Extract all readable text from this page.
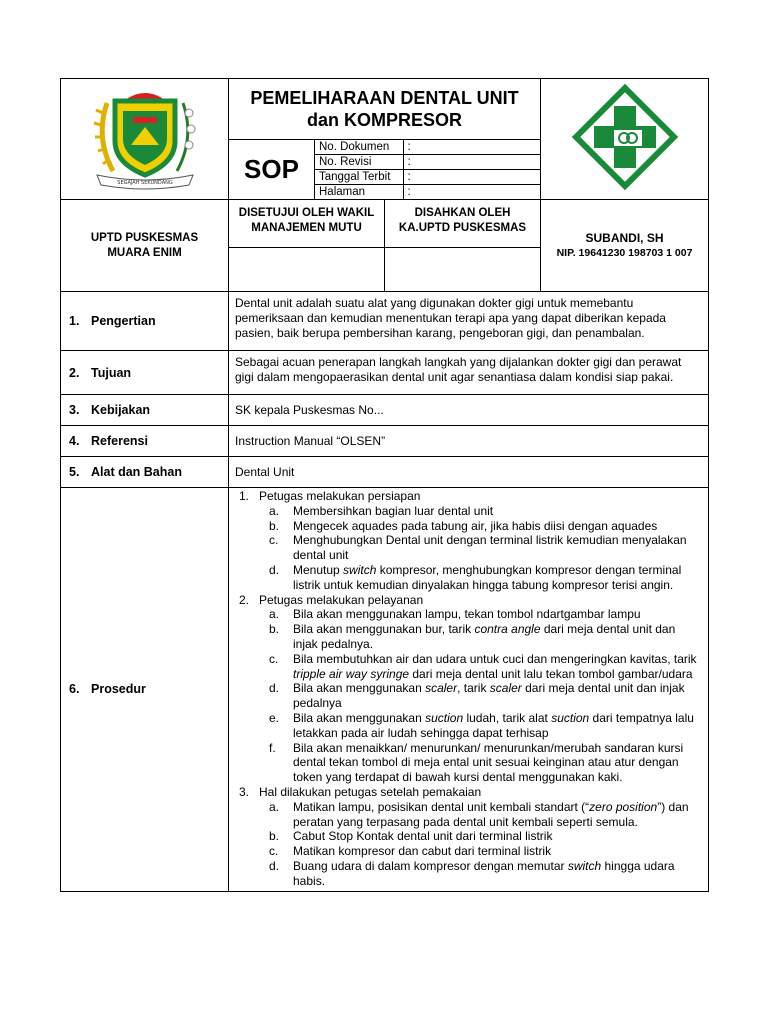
SEGAJAH SEKUNDANG

PEMELIHARAAN DENTAL UNIT
dan KOMPRESOR

SOP	
No. Dokumen	:
No. Revisi	:
Tanggal Terbit	:
Halaman	:

UPTD PUSKESMAS
MUARA ENIM

DISETUJUI OLEH WAKIL
MANAJEMEN MUTU

DISAHKAN OLEH
KA.UPTD PUSKESMAS

SUBANDI, SH
NIP. 19641230 198703 1 007

1. Pengertian	Dental unit adalah suatu alat yang digunakan dokter gigi untuk memebantu pemeriksaan dan kemudian menentukan terapi apa yang dapat diberikan kepada pasien, baik berupa pembersihan karang, pengeboran gigi, dan penambalan.
2. Tujuan	Sebagai acuan penerapan langkah langkah yang dijalankan dokter gigi dan perawat gigi dalam mengopaerasikan dental unit agar senantiasa dalam kondisi siap pakai.
3. Kebijakan	SK kepala Puskesmas No...
4. Referensi	Instruction Manual “OLSEN”
5. Alat dan Bahan	Dental Unit
6. Prosedur	
1. Petugas melakukan persiapan
a.	Membersihkan bagian luar dental unit
b.	Mengecek aquades pada tabung air, jika habis diisi dengan aquades
c.	Menghubungkan Dental unit dengan terminal listrik kemudian menyalakan dental unit
d.	Menutup switch kompresor, menghubungkan kompresor dengan terminal listrik untuk kemudian dinyalakan hingga tabung kompresor terisi angin.
2. Petugas melakukan pelayanan
a.	Bila akan menggunakan lampu, tekan tombol ndartgambar lampu
b.	Bila akan menggunakan bur, tarik contra angle dari meja dental unit dan injak pedalnya.
c.	Bila membutuhkan air dan udara untuk cuci dan mengeringkan kavitas, tarik tripple air way syringe dari meja dental unit lalu tekan tombol gambar/udara
d.	Bila akan menggunakan scaler, tarik scaler dari meja dental unit dan injak pedalnya
e.	Bila akan menggunakan suction ludah, tarik alat suction dari tempatnya lalu letakkan pada air ludah sehingga dapat terhisap
f.	Bila akan menaikkan/ menurunkan/ menurunkan/merubah sandaran kursi dental tekan tombol di meja ental unit sesuai keinginan atau atur dengan token yang terdapat di bawah kursi dental menggunakan kaki.
3. Hal dilakukan petugas setelah pemakaian
a.	Matikan lampu, posisikan dental unit kembali standart (“zero position”) dan peratan yang terpasang pada dental unit kembali seperti semula.
b.	Cabut Stop Kontak dental unit dari terminal listrik
c.	Matikan kompresor dan cabut dari terminal listrik
d.	Buang udara di dalam kompresor dengan memutar switch hingga udara habis.
